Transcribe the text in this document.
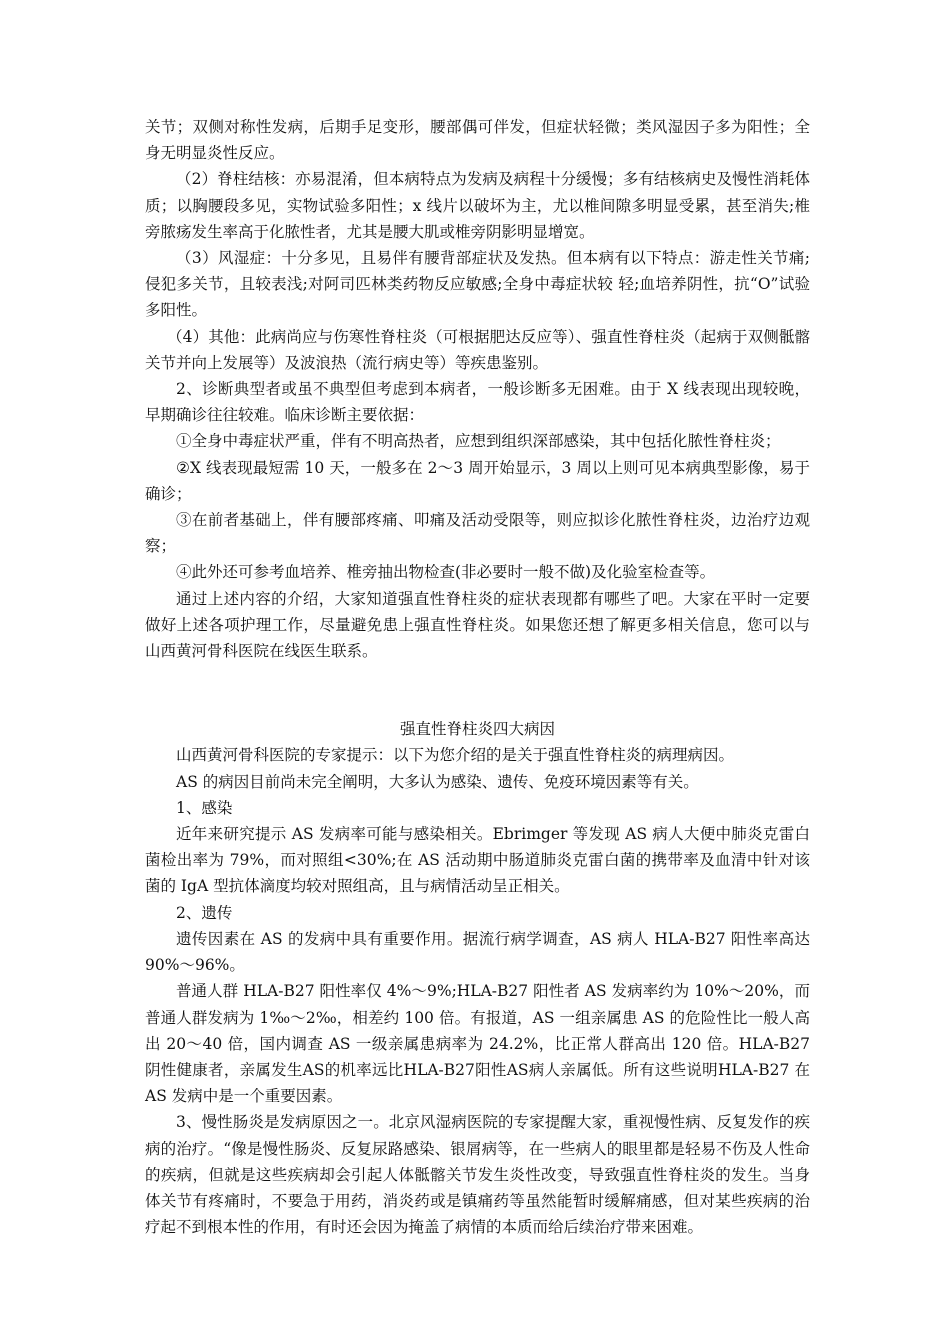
关节；双侧对称性发病，后期手足变形，腰部偶可伴发，但症状轻微；类风湿因子多为阳性；全身无明显炎性反应。

（2）脊柱结核：亦易混淆，但本病特点为发病及病程十分缓慢；多有结核病史及慢性消耗体质；以胸腰段多见，实物试验多阳性；x 线片以破坏为主，尤以椎间隙多明显受累，甚至消失;椎旁脓疡发生率高于化脓性者，尤其是腰大肌或椎旁阴影明显增宽。

（3）风湿症：十分多见，且易伴有腰背部症状及发热。但本病有以下特点：游走性关节痛;侵犯多关节，且较表浅;对阿司匹林类药物反应敏感;全身中毒症状较 轻;血培养阴性，抗“O”试验多阳性。

（4）其他：此病尚应与伤寒性脊柱炎（可根据肥达反应等）、强直性脊柱炎（起病于双侧骶髂关节并向上发展等）及波浪热（流行病史等）等疾患鉴别。

2、诊断典型者或虽不典型但考虑到本病者，一般诊断多无困难。由于 X 线表现出现较晚，早期确诊往往较难。临床诊断主要依据：

①全身中毒症状严重，伴有不明高热者，应想到组织深部感染，其中包括化脓性脊柱炎；

②X 线表现最短需 10 天，一般多在 2～3 周开始显示，3 周以上则可见本病典型影像，易于确诊；

③在前者基础上，伴有腰部疼痛、叩痛及活动受限等，则应拟诊化脓性脊柱炎，边治疗边观察；

④此外还可参考血培养、椎旁抽出物检查(非必要时一般不做)及化验室检查等。

通过上述内容的介绍，大家知道强直性脊柱炎的症状表现都有哪些了吧。大家在平时一定要做好上述各项护理工作，尽量避免患上强直性脊柱炎。如果您还想了解更多相关信息，您可以与山西黄河骨科医院在线医生联系。

强直性脊柱炎四大病因

山西黄河骨科医院的专家提示：以下为您介绍的是关于强直性脊柱炎的病理病因。

AS 的病因目前尚未完全阐明，大多认为感染、遗传、免疫环境因素等有关。

1、感染

近年来研究提示 AS 发病率可能与感染相关。Ebrimger 等发现 AS 病人大便中肺炎克雷白菌检出率为 79%，而对照组<30%;在 AS 活动期中肠道肺炎克雷白菌的携带率及血清中针对该菌的 IgA 型抗体滴度均较对照组高，且与病情活动呈正相关。

2、遗传

遗传因素在 AS 的发病中具有重要作用。据流行病学调查，AS 病人 HLA-B27 阳性率高达 90%～96%。

普通人群 HLA-B27 阳性率仅 4%～9%;HLA-B27 阳性者 AS 发病率约为 10%～20%，而普通人群发病为 1‰～2‰，相差约 100 倍。有报道，AS 一组亲属患 AS 的危险性比一般人高出 20～40 倍，国内调查 AS 一级亲属患病率为 24.2%，比正常人群高出 120 倍。HLA-B27 阴性健康者，亲属发生AS的机率远比HLA-B27阳性AS病人亲属低。所有这些说明HLA-B27 在 AS 发病中是一个重要因素。

3、慢性肠炎是发病原因之一。北京风湿病医院的专家提醒大家，重视慢性病、反复发作的疾病的治疗。“像是慢性肠炎、反复尿路感染、银屑病等，在一些病人的眼里都是轻易不伤及人性命的疾病，但就是这些疾病却会引起人体骶髂关节发生炎性改变，导致强直性脊柱炎的发生。当身体关节有疼痛时，不要急于用药，消炎药或是镇痛药等虽然能暂时缓解痛感，但对某些疾病的治疗起不到根本性的作用，有时还会因为掩盖了病情的本质而给后续治疗带来困难。
